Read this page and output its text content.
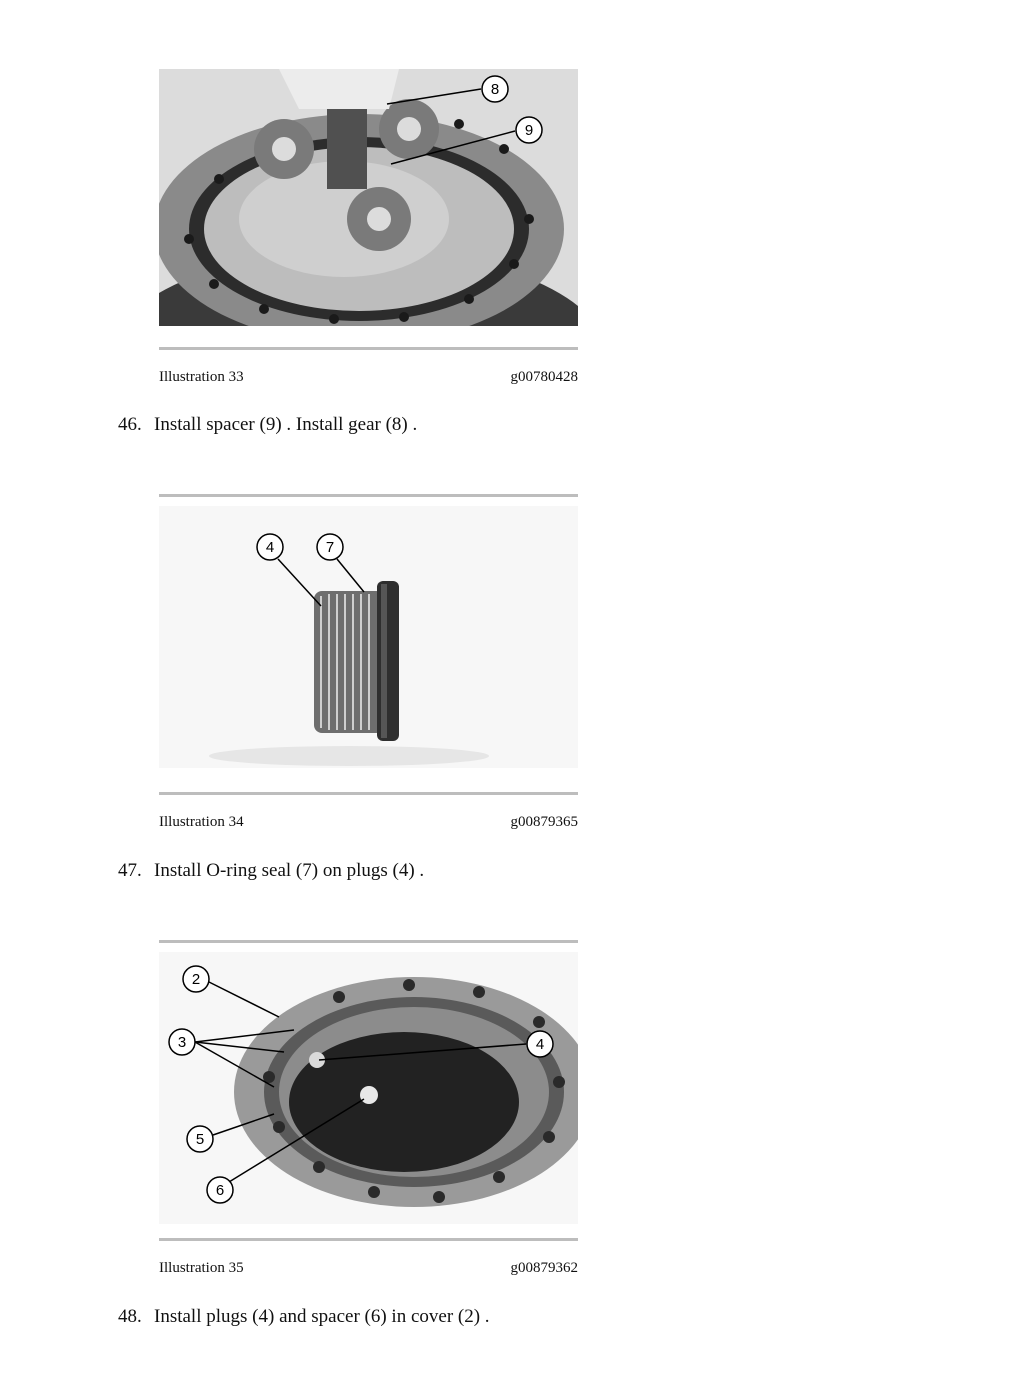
8
9
Illustration 33	g00780428
46. Install spacer (9) . Install gear (8) .
4	7
Illustration 34	g00879365
47. Install O-ring seal (7) on plugs (4) .
2
3	4
5
6
Illustration 35	g00879362
48. Install plugs (4) and spacer (6) in cover (2) .
